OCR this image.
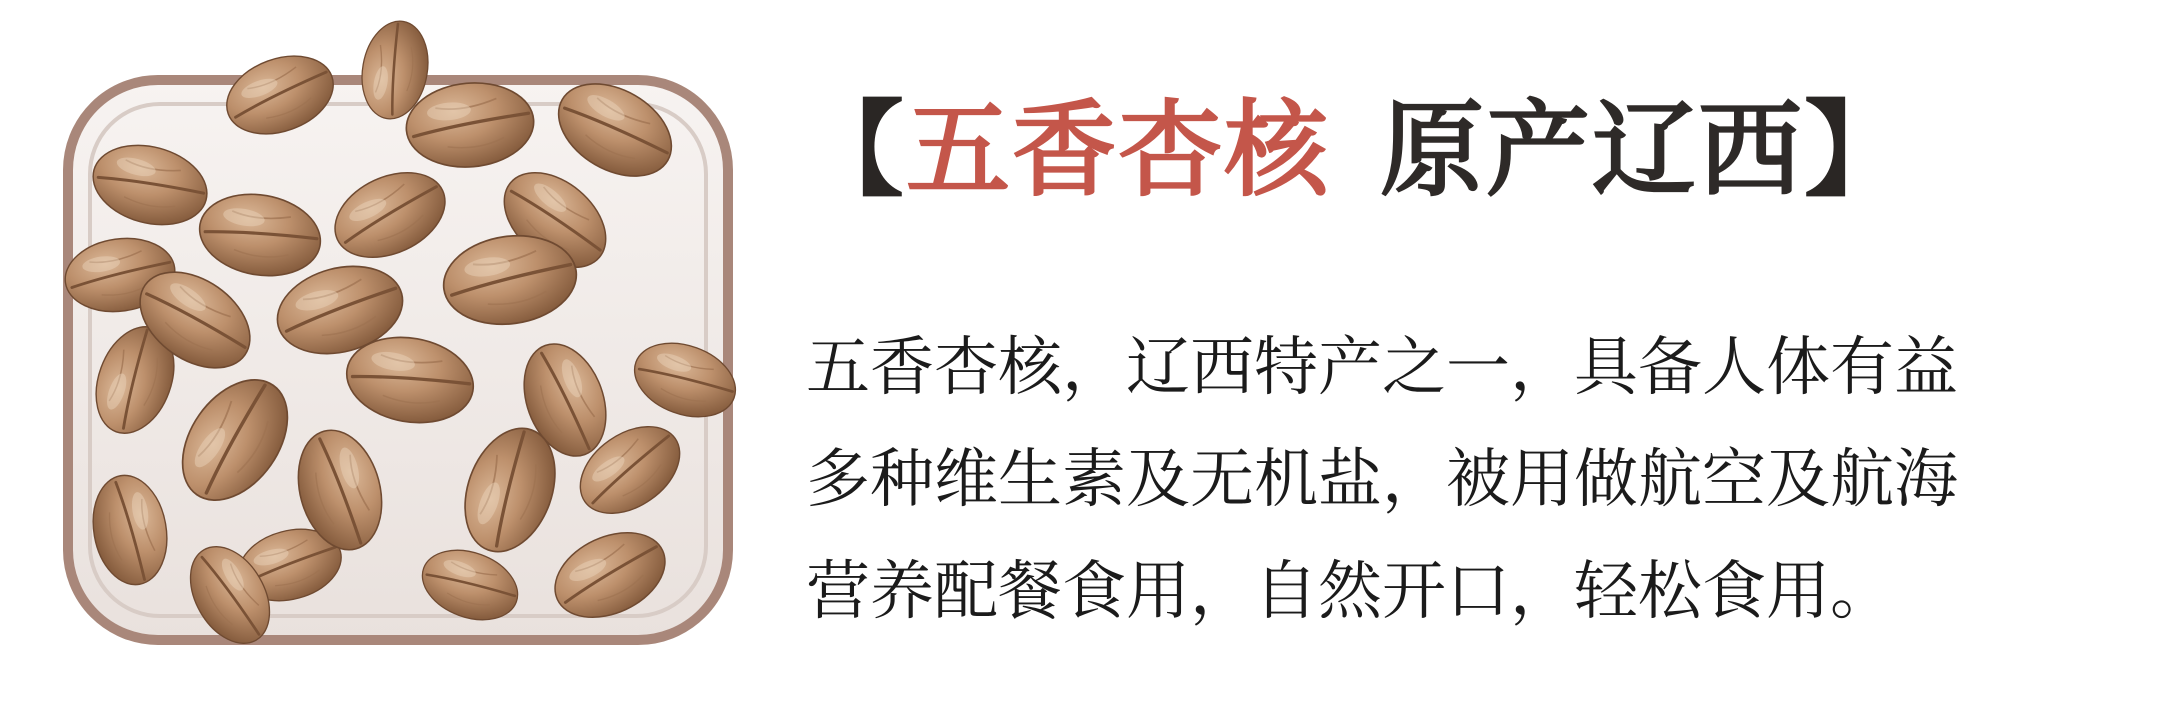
【五香杏核 原产辽西】
五香杏核，辽西特产之一，具备人体有益
多种维生素及无机盐，被用做航空及航海
营养配餐食用，自然开口，轻松食用。
